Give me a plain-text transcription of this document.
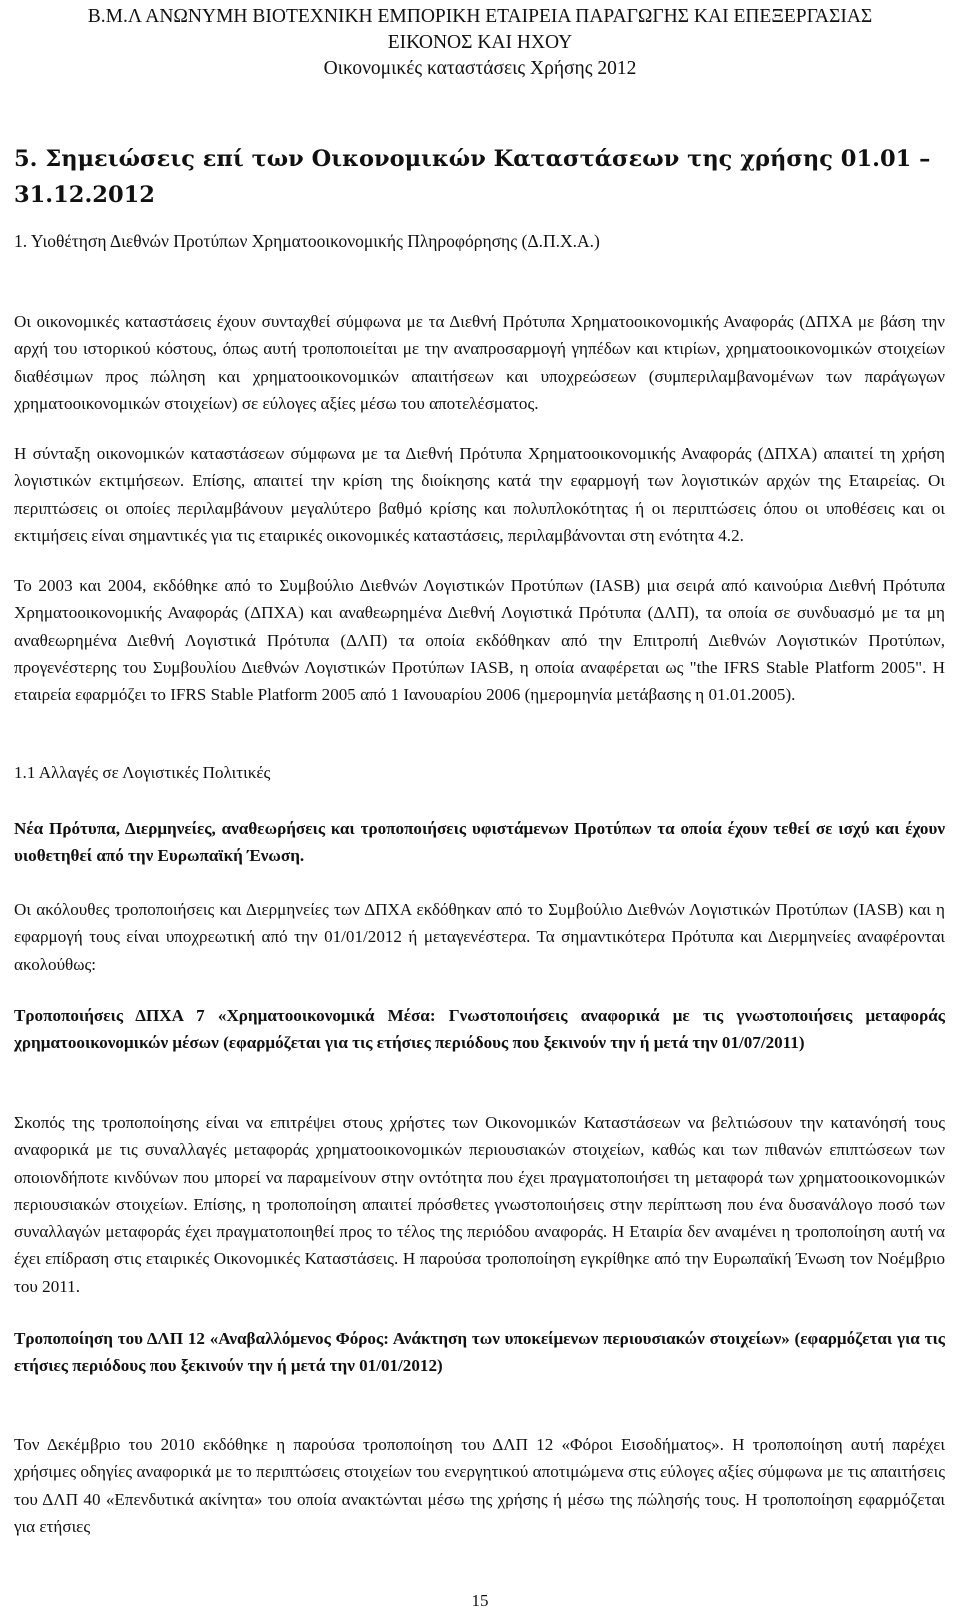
Β.Μ.Λ ΑΝΩΝΥΜΗ ΒΙΟΤΕΧΝΙΚΗ ΕΜΠΟΡΙΚΗ ΕΤΑΙΡΕΙΑ ΠΑΡΑΓΩΓΗΣ ΚΑΙ ΕΠΕΞΕΡΓΑΣΙΑΣ
ΕΙΚΟΝΟΣ ΚΑΙ ΗΧΟΥ
Οικονομικές καταστάσεις Χρήσης 2012
5. Σημειώσεις επί των Οικονομικών Καταστάσεων της χρήσης 01.01 – 31.12.2012
1. Υιοθέτηση Διεθνών Προτύπων Χρηματοοικονομικής Πληροφόρησης (Δ.Π.Χ.Α.)

Οι οικονομικές καταστάσεις έχουν συνταχθεί σύμφωνα με τα Διεθνή Πρότυπα Χρηματοοικονομικής Αναφοράς (ΔΠΧΑ με βάση την αρχή του ιστορικού κόστους, όπως αυτή τροποποιείται με την αναπροσαρμογή γηπέδων και κτιρίων, χρηματοοικονομικών στοιχείων διαθέσιμων προς πώληση και χρηματοοικονομικών απαιτήσεων και υποχρεώσεων (συμπεριλαμβανομένων των παράγωγων χρηματοοικονομικών στοιχείων) σε εύλογες αξίες μέσω του αποτελέσματος.

Η σύνταξη οικονομικών καταστάσεων σύμφωνα με τα Διεθνή Πρότυπα Χρηματοοικονομικής Αναφοράς (ΔΠΧΑ) απαιτεί τη χρήση λογιστικών εκτιμήσεων. Επίσης, απαιτεί την κρίση της διοίκησης κατά την εφαρμογή των λογιστικών αρχών της Εταιρείας. Οι περιπτώσεις οι οποίες περιλαμβάνουν μεγαλύτερο βαθμό κρίσης και πολυπλοκότητας ή οι περιπτώσεις όπου οι υποθέσεις και οι εκτιμήσεις είναι σημαντικές για τις εταιρικές οικονομικές καταστάσεις, περιλαμβάνονται στη ενότητα 4.2.

Το 2003 και 2004, εκδόθηκε από το Συμβούλιο Διεθνών Λογιστικών Προτύπων (IASB) μια σειρά από καινούρια Διεθνή Πρότυπα Χρηματοοικονομικής Αναφοράς (ΔΠΧΑ) και αναθεωρημένα Διεθνή Λογιστικά Πρότυπα (ΔΛΠ), τα οποία σε συνδυασμό με τα μη αναθεωρημένα Διεθνή Λογιστικά Πρότυπα (ΔΛΠ) τα οποία εκδόθηκαν από την Επιτροπή Διεθνών Λογιστικών Προτύπων, προγενέστερης του Συμβουλίου Διεθνών Λογιστικών Προτύπων IASB, η οποία αναφέρεται ως "the IFRS Stable Platform 2005". Η εταιρεία εφαρμόζει το IFRS Stable Platform 2005 από 1 Ιανουαρίου 2006 (ημερομηνία μετάβασης η 01.01.2005).

1.1 Αλλαγές σε Λογιστικές Πολιτικές

Νέα Πρότυπα, Διερμηνείες, αναθεωρήσεις και τροποποιήσεις υφιστάμενων Προτύπων τα οποία έχουν τεθεί σε ισχύ και έχουν υιοθετηθεί από την Ευρωπαϊκή Ένωση.

Οι ακόλουθες τροποποιήσεις και Διερμηνείες των ΔΠΧΑ εκδόθηκαν από το Συμβούλιο Διεθνών Λογιστικών Προτύπων (IASB) και η εφαρμογή τους είναι υποχρεωτική από την 01/01/2012 ή μεταγενέστερα. Τα σημαντικότερα Πρότυπα και Διερμηνείες αναφέρονται ακολούθως:

Τροποποιήσεις ΔΠΧΑ 7 «Χρηματοοικονομικά Μέσα: Γνωστοποιήσεις αναφορικά με τις γνωστοποιήσεις μεταφοράς χρηματοοικονομικών μέσων (εφαρμόζεται για τις ετήσιες περιόδους που ξεκινούν την ή μετά την 01/07/2011)

Σκοπός της τροποποίησης είναι να επιτρέψει στους χρήστες των Οικονομικών Καταστάσεων να βελτιώσουν την κατανόησή τους αναφορικά με τις συναλλαγές μεταφοράς χρηματοοικονομικών περιουσιακών στοιχείων, καθώς και των πιθανών επιπτώσεων των οποιονδήποτε κινδύνων που μπορεί να παραμείνουν στην οντότητα που έχει πραγματοποιήσει τη μεταφορά των χρηματοοικονομικών περιουσιακών στοιχείων. Επίσης, η τροποποίηση απαιτεί πρόσθετες γνωστοποιήσεις στην περίπτωση που ένα δυσανάλογο ποσό των συναλλαγών μεταφοράς έχει πραγματοποιηθεί προς το τέλος της περιόδου αναφοράς. Η Εταιρία δεν αναμένει η τροποποίηση αυτή να έχει επίδραση στις εταιρικές Οικονομικές Καταστάσεις. Η παρούσα τροποποίηση εγκρίθηκε από την Ευρωπαϊκή Ένωση τον Νοέμβριο του 2011.

Τροποποίηση του ΔΛΠ 12 «Αναβαλλόμενος Φόρος: Ανάκτηση των υποκείμενων περιουσιακών στοιχείων» (εφαρμόζεται για τις ετήσιες περιόδους που ξεκινούν την ή μετά την 01/01/2012)

Τον Δεκέμβριο του 2010 εκδόθηκε η παρούσα τροποποίηση του ΔΛΠ 12 «Φόροι Εισοδήματος». Η τροποποίηση αυτή παρέχει χρήσιμες οδηγίες αναφορικά με το περιπτώσεις στοιχείων του ενεργητικού αποτιμώμενα στις εύλογες αξίες σύμφωνα με τις απαιτήσεις του ΔΛΠ 40 «Επενδυτικά ακίνητα» του οποία ανακτώνται μέσω της χρήσης ή μέσω της πώλησής τους. Η τροποποίηση εφαρμόζεται για ετήσιες

15
